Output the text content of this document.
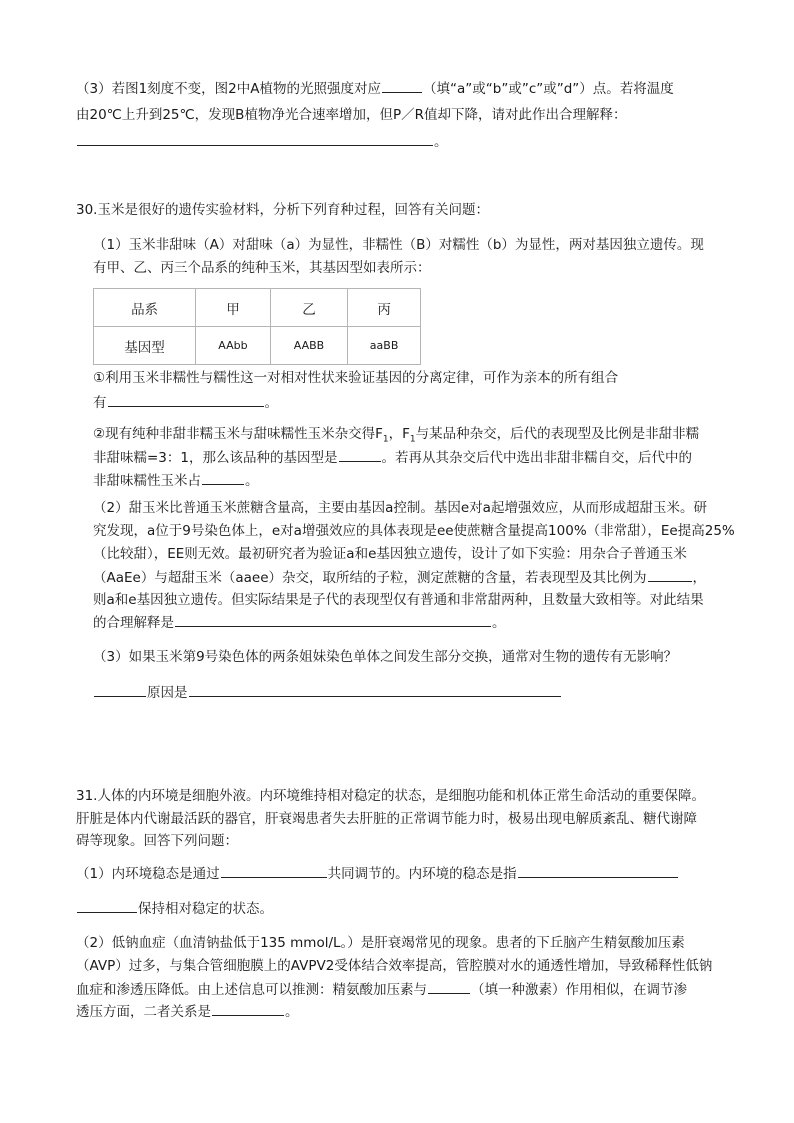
（3）若图1刻度不变，图2中A植物的光照强度对应	（填“a”或“b”或”c”或”d”）点。若将温度
由20℃上升到25℃，发现B植物净光合速率增加，但P／R值却下降，请对此作出合理解释：
。
30.玉米是很好的遗传实验材料，分析下列育种过程，回答有关问题：
（1）玉米非甜味（A）对甜味（a）为显性，非糯性（B）对糯性（b）为显性，两对基因独立遗传。现
有甲、乙、丙三个品系的纯种玉米，其基因型如表所示：
品系	甲	乙	丙
基因型	AAbb	AABB	aaBB
①利用玉米非糯性与糯性这一对相对性状来验证基因的分离定律，可作为亲本的所有组合
有	。
②现有纯种非甜非糯玉米与甜味糯性玉米杂交得$F_1$，$F_1$与某品种杂交，后代的表现型及比例是非甜非糯
非甜味糯=3：1，那么该品种的基因型是	。若再从其杂交后代中选出非甜非糯自交，后代中的
非甜味糯性玉米占	。
（2）甜玉米比普通玉米蔗糖含量高，主要由基因a控制。基因e对a起增强效应，从而形成超甜玉米。研
究发现，a位于9号染色体上，e对a增强效应的具体表现是ee使蔗糖含量提高100%（非常甜），Ee提高25%
（比较甜），EE则无效。最初研究者为验证a和e基因独立遗传，设计了如下实验：用杂合子普通玉米
（AaEe）与超甜玉米（aaee）杂交，取所结的子粒，测定蔗糖的含量，若表现型及其比例为	，
则a和e基因独立遗传。但实际结果是子代的表现型仅有普通和非常甜两种，且数量大致相等。对此结果
的合理解释是	。
（3）如果玉米第9号染色体的两条姐妹染色单体之间发生部分交换，通常对生物的遗传有无影响？
原因是
31.人体的内环境是细胞外液。内环境维持相对稳定的状态，是细胞功能和机体正常生命活动的重要保障。
肝脏是体内代谢最活跃的器官，肝衰竭患者失去肝脏的正常调节能力时，极易出现电解质紊乱、糖代谢障
碍等现象。回答下列问题：
（1）内环境稳态是通过	共同调节的。内环境的稳态是指
保持相对稳定的状态。
（2）低钠血症（血清钠盐低于135 mmol/L。）是肝衰竭常见的现象。患者的下丘脑产生精氨酸加压素
（AVP）过多，与集合管细胞膜上的AVPV2受体结合效率提高，管腔膜对水的通透性增加，导致稀释性低钠
血症和渗透压降低。由上述信息可以推测：精氨酸加压素与	（填一种激素）作用相似，在调节渗
透压方面，二者关系是	。
